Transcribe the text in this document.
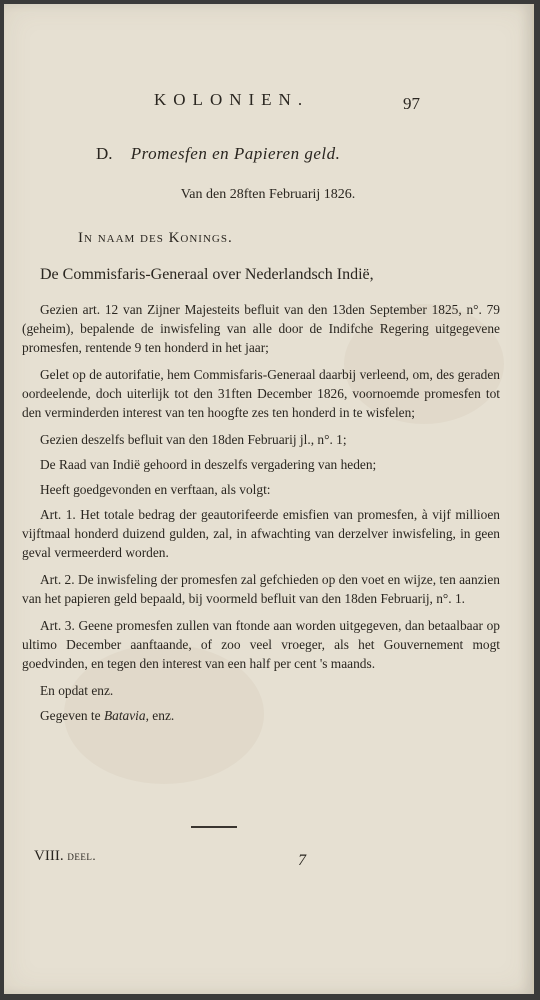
KOLONIEN.	97
D. Promesfen en Papieren geld.
Van den 28ften Februarij 1826.
In naam des Konings.
De Commisfaris-Generaal over Nederlandsch Indië,

Gezien art. 12 van Zijner Majesteits befluit van den 13den September 1825, n°. 79 (geheim), bepalende de inwisfeling van alle door de Indifche Regering uitgegevene promesfen, rentende 9 ten honderd in het jaar;

Gelet op de autorifatie, hem Commisfaris-Generaal daarbij verleend, om, des geraden oordeelende, doch uiterlijk tot den 31ften December 1826, voornoemde promesfen tot den verminderden interest van ten hoogfte zes ten honderd in te wisfelen;

Gezien deszelfs befluit van den 18den Februarij jl., n°. 1;

De Raad van Indië gehoord in deszelfs vergadering van heden;

Heeft goedgevonden en verftaan, als volgt:

Art. 1. Het totale bedrag der geautorifeerde emisfien van promesfen, à vijf millioen vijftmaal honderd duizend gulden, zal, in afwachting van derzelver inwisfeling, in geen geval vermeerderd worden.

Art. 2. De inwisfeling der promesfen zal gefchieden op den voet en wijze, ten aanzien van het papieren geld bepaald, bij voormeld befluit van den 18den Februarij, n°. 1.

Art. 3. Geene promesfen zullen van ftonde aan worden uitgegeven, dan betaalbaar op ultimo December aanftaande, of zoo veel vroeger, als het Gouvernement mogt goedvinden, en tegen den interest van een half per cent 's maands.

En opdat enz.

Gegeven te Batavia, enz.

VIII. deel.	7
